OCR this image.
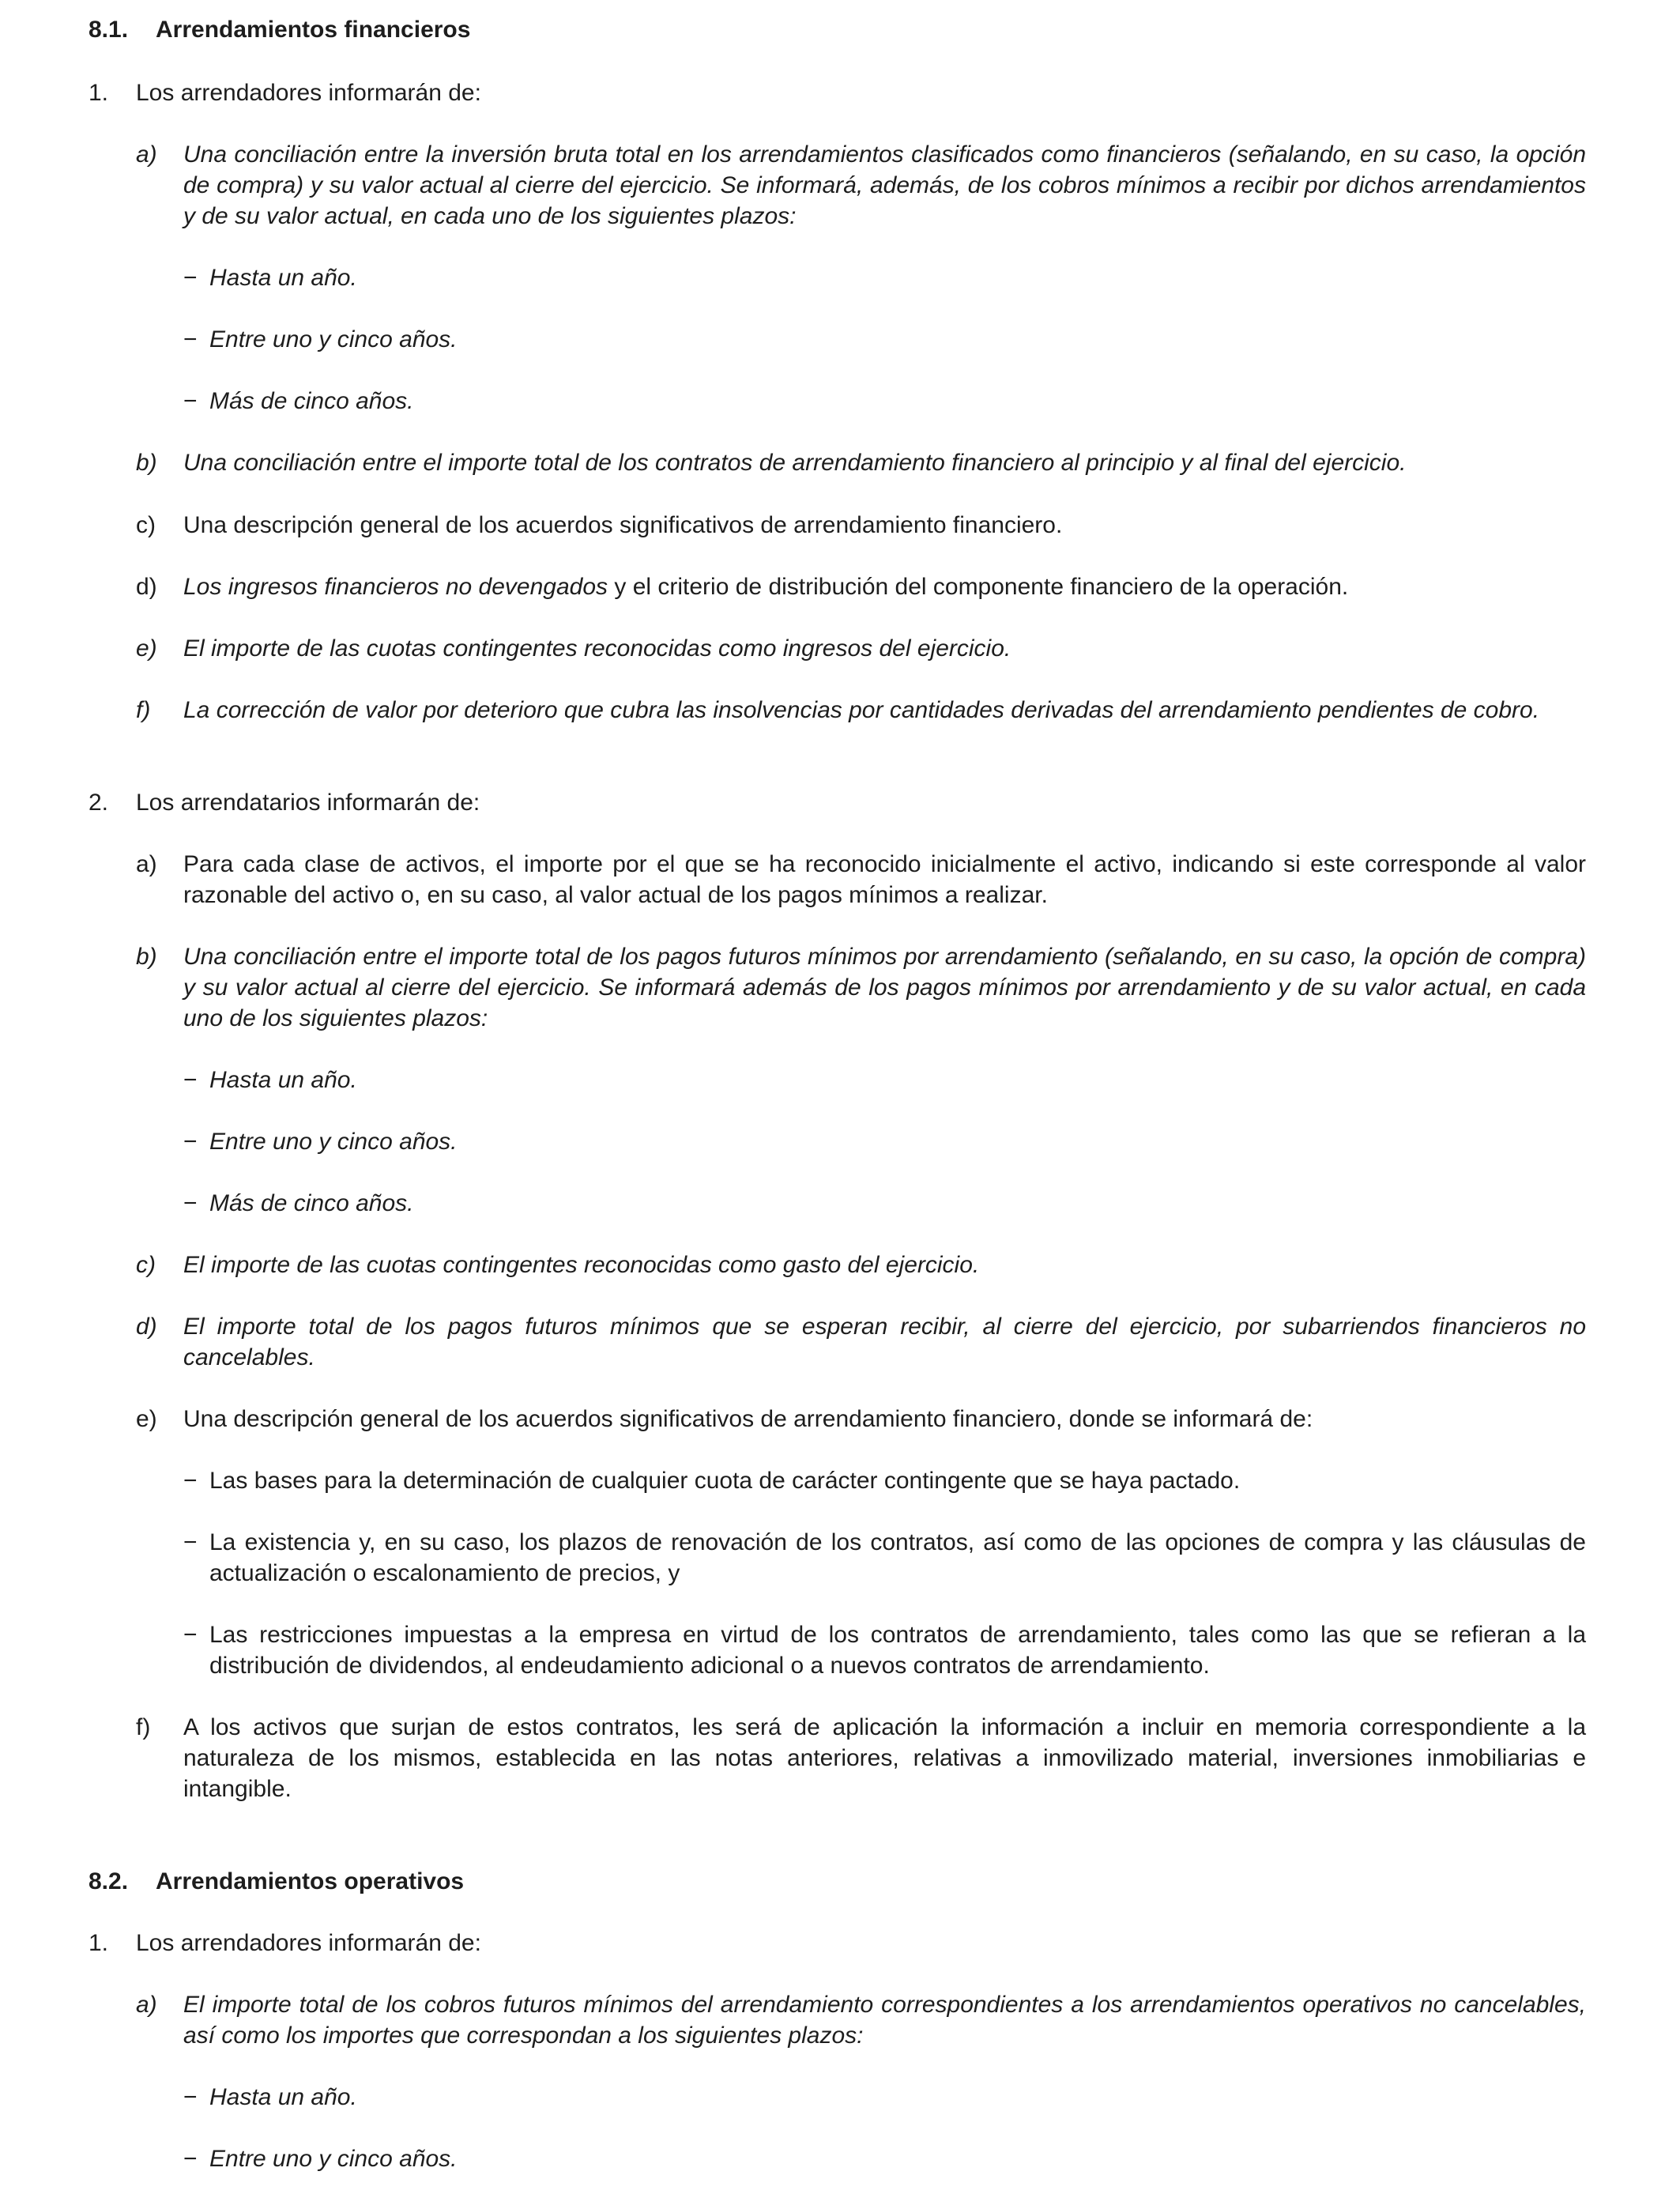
8.1. Arrendamientos financieros

1. Los arrendadores informarán de:

a) Una conciliación entre la inversión bruta total en los arrendamientos clasificados como financieros (señalando, en su caso, la opción de compra) y su valor actual al cierre del ejercicio. Se informará, además, de los cobros mínimos a recibir por dichos arrendamientos y de su valor actual, en cada uno de los siguientes plazos:
− Hasta un año.
− Entre uno y cinco años.
− Más de cinco años.
b) Una conciliación entre el importe total de los contratos de arrendamiento financiero al principio y al final del ejercicio.
c) Una descripción general de los acuerdos significativos de arrendamiento financiero.
d) Los ingresos financieros no devengados y el criterio de distribución del componente financiero de la operación.
e) El importe de las cuotas contingentes reconocidas como ingresos del ejercicio.
f) La corrección de valor por deterioro que cubra las insolvencias por cantidades derivadas del arrendamiento pendientes de cobro.

2. Los arrendatarios informarán de:

a) Para cada clase de activos, el importe por el que se ha reconocido inicialmente el activo, indicando si este corresponde al valor razonable del activo o, en su caso, al valor actual de los pagos mínimos a realizar.
b) Una conciliación entre el importe total de los pagos futuros mínimos por arrendamiento (señalando, en su caso, la opción de compra) y su valor actual al cierre del ejercicio. Se informará además de los pagos mínimos por arrendamiento y de su valor actual, en cada uno de los siguientes plazos:
− Hasta un año.
− Entre uno y cinco años.
− Más de cinco años.
c) El importe de las cuotas contingentes reconocidas como gasto del ejercicio.
d) El importe total de los pagos futuros mínimos que se esperan recibir, al cierre del ejercicio, por subarriendos financieros no cancelables.
e) Una descripción general de los acuerdos significativos de arrendamiento financiero, donde se informará de:
− Las bases para la determinación de cualquier cuota de carácter contingente que se haya pactado.
− La existencia y, en su caso, los plazos de renovación de los contratos, así como de las opciones de compra y las cláusulas de actualización o escalonamiento de precios, y
− Las restricciones impuestas a la empresa en virtud de los contratos de arrendamiento, tales como las que se refieran a la distribución de dividendos, al endeudamiento adicional o a nuevos contratos de arrendamiento.
f) A los activos que surjan de estos contratos, les será de aplicación la información a incluir en memoria correspondiente a la naturaleza de los mismos, establecida en las notas anteriores, relativas a inmovilizado material, inversiones inmobiliarias e intangible.

8.2. Arrendamientos operativos

1. Los arrendadores informarán de:

a) El importe total de los cobros futuros mínimos del arrendamiento correspondientes a los arrendamientos operativos no cancelables, así como los importes que correspondan a los siguientes plazos:
− Hasta un año.
− Entre uno y cinco años.
